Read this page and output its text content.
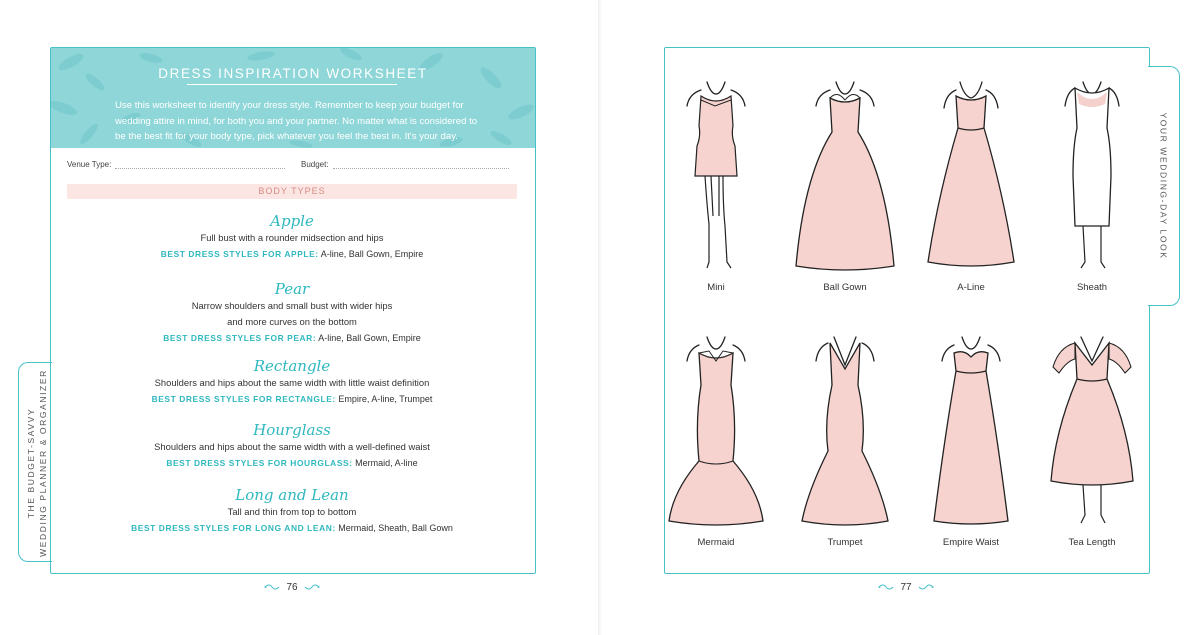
THE BUDGET-SAVVY WEDDING PLANNER & ORGANIZER
DRESS INSPIRATION WORKSHEET
Use this worksheet to identify your dress style. Remember to keep your budget for wedding attire in mind, for both you and your partner. No matter what is considered to be the best fit for your body type, pick whatever you feel the best in. It's your day.
Venue Type:	Budget:
BODY TYPES
Apple
Full bust with a rounder midsection and hips
BEST DRESS STYLES FOR APPLE: A-line, Ball Gown, Empire
Pear
Narrow shoulders and small bust with wider hips
and more curves on the bottom
BEST DRESS STYLES FOR PEAR: A-line, Ball Gown, Empire
Rectangle
Shoulders and hips about the same width with little waist definition
BEST DRESS STYLES FOR RECTANGLE: Empire, A-line, Trumpet
Hourglass
Shoulders and hips about the same width with a well-defined waist
BEST DRESS STYLES FOR HOURGLASS: Mermaid, A-line
Long and Lean
Tall and thin from top to bottom
BEST DRESS STYLES FOR LONG AND LEAN: Mermaid, Sheath, Ball Gown
76
YOUR WEDDING-DAY LOOK
Mini	Ball Gown	A-Line	Sheath
Mermaid	Trumpet	Empire Waist	Tea Length
77
